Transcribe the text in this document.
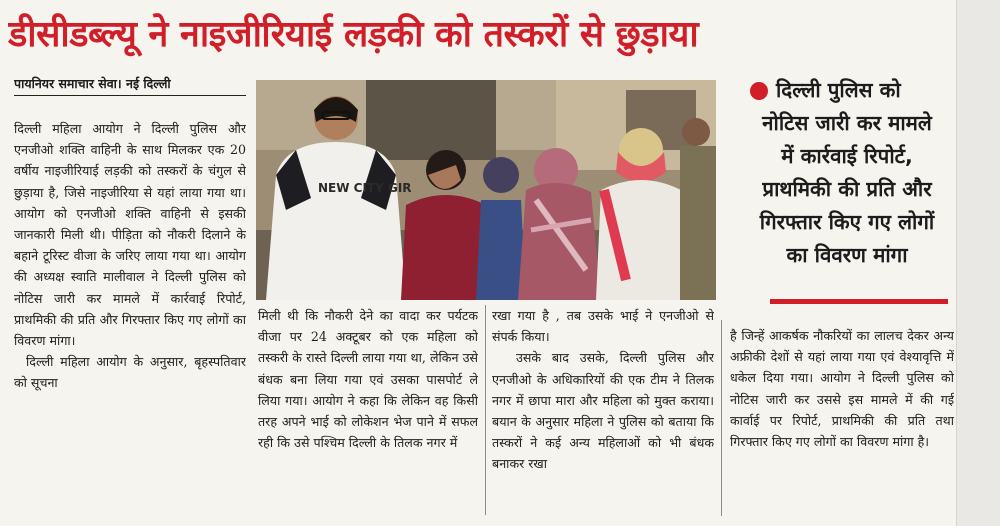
डीसीडब्ल्यू ने नाइजीरियाई लड़की को तस्करों से छुड़ाया
पायनियर समाचार सेवा। नई दिल्ली

दिल्ली महिला आयोग ने दिल्ली पुलिस और एनजीओ शक्ति वाहिनी के साथ मिलकर एक 20 वर्षीय नाइजीरियाई लड़की को तस्करों के चंगुल से छुड़ाया है, जिसे नाइजीरिया से यहां लाया गया था। आयोग को एनजीओ शक्ति वाहिनी से इसकी जानकारी मिली थी। पीड़िता को नौकरी दिलाने के बहाने टूरिस्ट वीजा के जरिए लाया गया था। आयोग की अध्यक्ष स्वाति मालीवाल ने दिल्ली पुलिस को नोटिस जारी कर मामले में कार्रवाई रिपोर्ट, प्राथमिकी की प्रति और गिरफ्तार किए गए लोगों का विवरण मांगा।

दिल्ली महिला आयोग के अनुसार, बृहस्पतिवार को सूचना

NEW CITY GIR
दिल्ली पुलिस को
नोटिस जारी कर मामले
में कार्रवाई रिपोर्ट,
प्राथमिकी की प्रति और
गिरफ्तार किए गए लोगों
का विवरण मांगा

मिली थी कि नौकरी देने का वादा कर पर्यटक वीजा पर 24 अक्टूबर को एक महिला को तस्करी के रास्ते दिल्ली लाया गया था, लेकिन उसे बंधक बना लिया गया एवं उसका पासपोर्ट ले लिया गया। आयोग ने कहा कि लेकिन वह किसी तरह अपने भाई को लोकेशन भेज पाने में सफल रही कि उसे पश्चिम दिल्ली के तिलक नगर में

रखा गया है , तब उसके भाई ने एनजीओ से संपर्क किया।

उसके बाद उसके, दिल्ली पुलिस और एनजीओ के अधिकारियों की एक टीम ने तिलक नगर में छापा मारा और महिला को मुक्त कराया। बयान के अनुसार महिला ने पुलिस को बताया कि तस्करों ने कई अन्य महिलाओं को भी बंधक बनाकर रखा

है जिन्हें आकर्षक नौकरियों का लालच देकर अन्य अफ्रीकी देशों से यहां लाया गया एवं वेश्यावृत्ति में धकेल दिया गया। आयोग ने दिल्ली पुलिस को नोटिस जारी कर उससे इस मामले में की गई कार्वाई पर रिपोर्ट, प्राथमिकी की प्रति तथा गिरफ्तार किए गए लोगों का विवरण मांगा है।
